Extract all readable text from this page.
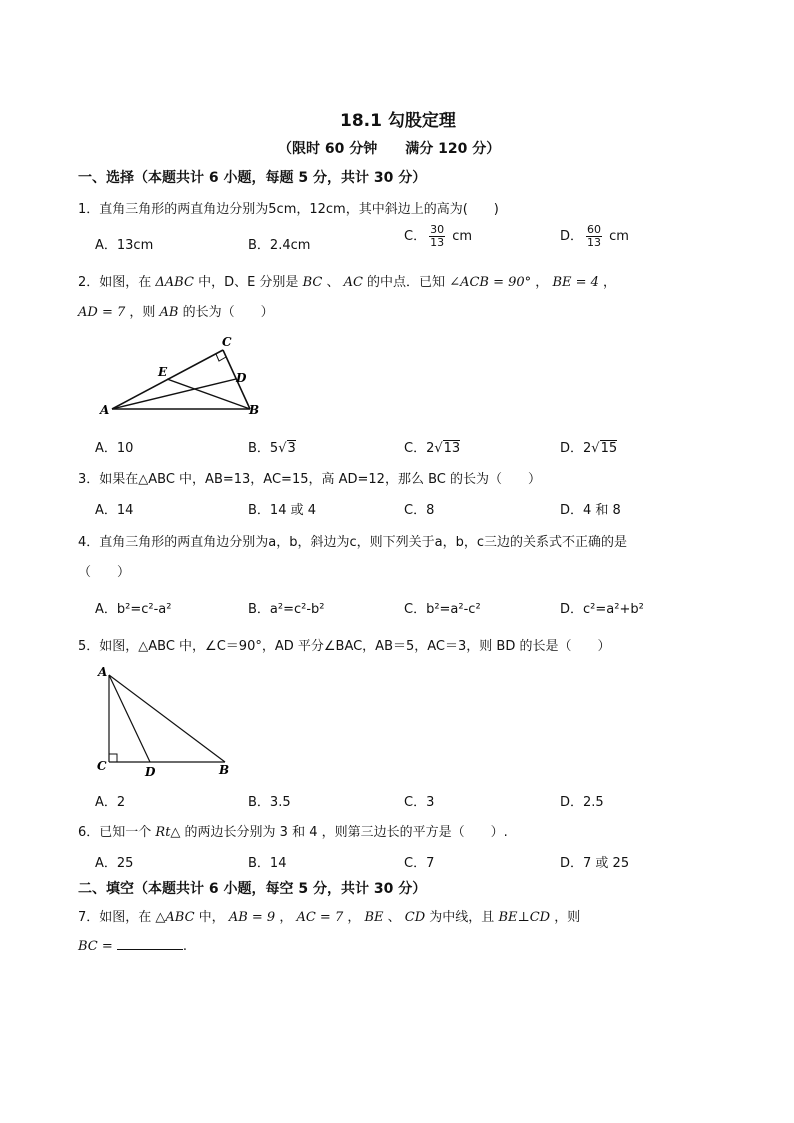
18.1 勾股定理
（限时 60 分钟　　满分 120 分）
一、选择（本题共计 6 小题，每题 5 分，共计 30 分）
1．直角三角形的两直角边分别为5cm，12cm，其中斜边上的高为(　　)
A．13cm	B．2.4cm
C． $\frac{30}{13}$ cm	D． $\frac{60}{13}$ cm
2．如图，在 ΔABC 中，D、E 分别是 BC 、 AC 的中点．已知 ∠ACB = 90° ， BE = 4 ，
AD = 7 ，则 AB 的长为（　　）
A	B
C
D
E
A．10	B．5√3	C．2√13	D．2√15
3．如果在△ABC 中，AB=13，AC=15，高 AD=12，那么 BC 的长为（　　）
A．14	B．14 或 4	C．8	D．4 和 8
4．直角三角形的两直角边分别为a，b，斜边为c，则下列关于a，b，c三边的关系式不正确的是
（　　）
A．b²=c²-a²	B．a²=c²-b²	C．b²=a²-c²	D．c²=a²+b²
5．如图，△ABC 中，∠C＝90°，AD 平分∠BAC，AB＝5，AC＝3，则 BD 的长是（　　）
A
C	D	B
A．2	B．3.5	C．3	D．2.5
6．已知一个 Rt△ 的两边长分别为 3 和 4 ，则第三边长的平方是（　　）.
A．25	B．14	C．7	D．7 或 25
二、填空（本题共计 6 小题，每空 5 分，共计 30 分）
7．如图，在 △ABC 中， AB = 9 ， AC = 7 ， BE 、 CD 为中线，且 BE⊥CD ，则
BC =	.
